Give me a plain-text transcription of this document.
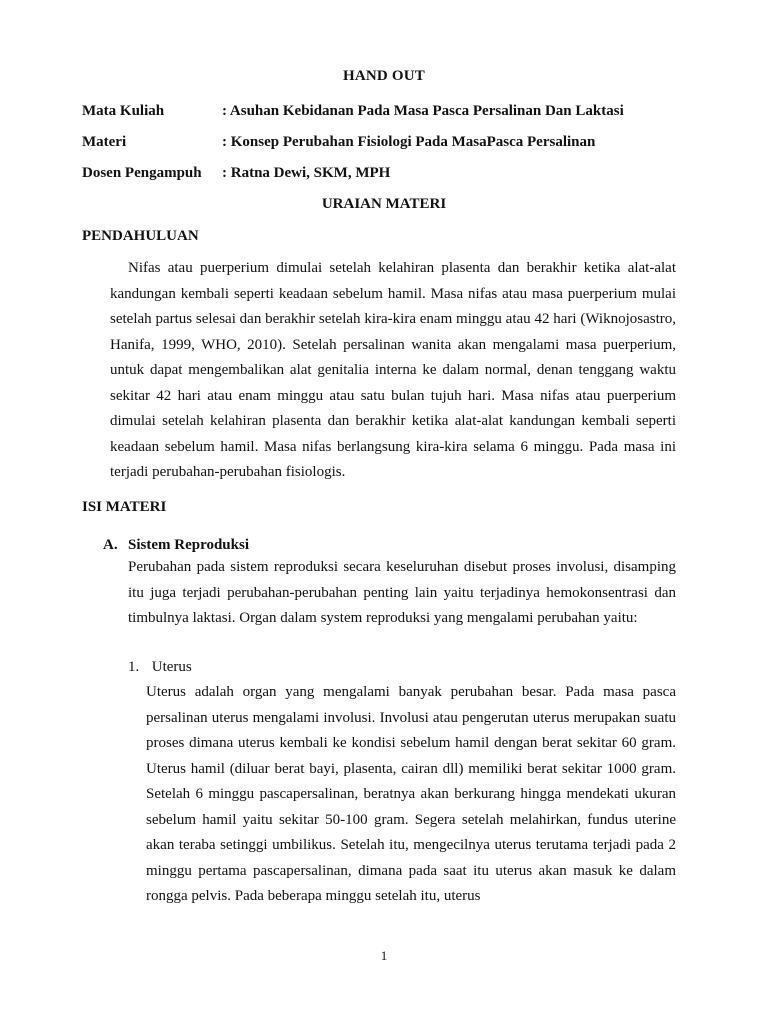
HAND OUT
Mata Kuliah	: Asuhan Kebidanan Pada Masa Pasca Persalinan Dan Laktasi
Materi	: Konsep Perubahan Fisiologi Pada MasaPasca Persalinan
Dosen Pengampuh : Ratna Dewi, SKM, MPH
URAIAN MATERI
PENDAHULUAN

Nifas atau puerperium dimulai setelah kelahiran plasenta dan berakhir ketika alat-alat kandungan kembali seperti keadaan sebelum hamil. Masa nifas atau masa puerperium mulai setelah partus selesai dan berakhir setelah kira-kira enam minggu atau 42 hari (Wiknojosastro, Hanifa, 1999, WHO, 2010). Setelah persalinan wanita akan mengalami masa puerperium, untuk dapat mengembalikan alat genitalia interna ke dalam normal, denan tenggang waktu sekitar 42 hari atau enam minggu atau satu bulan tujuh hari. Masa nifas atau puerperium dimulai setelah kelahiran plasenta dan berakhir ketika alat-alat kandungan kembali seperti keadaan sebelum hamil. Masa nifas berlangsung kira-kira selama 6 minggu. Pada masa ini terjadi perubahan-perubahan fisiologis.

ISI MATERI
A. Sistem Reproduksi

Perubahan pada sistem reproduksi secara keseluruhan disebut proses involusi, disamping itu juga terjadi perubahan-perubahan penting lain yaitu terjadinya hemokonsentrasi dan timbulnya laktasi. Organ dalam system reproduksi yang mengalami perubahan yaitu:

1. Uterus

Uterus adalah organ yang mengalami banyak perubahan besar. Pada masa pasca persalinan uterus mengalami involusi. Involusi atau pengerutan uterus merupakan suatu proses dimana uterus kembali ke kondisi sebelum hamil dengan berat sekitar 60 gram. Uterus hamil (diluar berat bayi, plasenta, cairan dll) memiliki berat sekitar 1000 gram. Setelah 6 minggu pascapersalinan, beratnya akan berkurang hingga mendekati ukuran sebelum hamil yaitu sekitar 50-100 gram. Segera setelah melahirkan, fundus uterine akan teraba setinggi umbilikus. Setelah itu, mengecilnya uterus terutama terjadi pada 2 minggu pertama pascapersalinan, dimana pada saat itu uterus akan masuk ke dalam rongga pelvis. Pada beberapa minggu setelah itu, uterus

1
